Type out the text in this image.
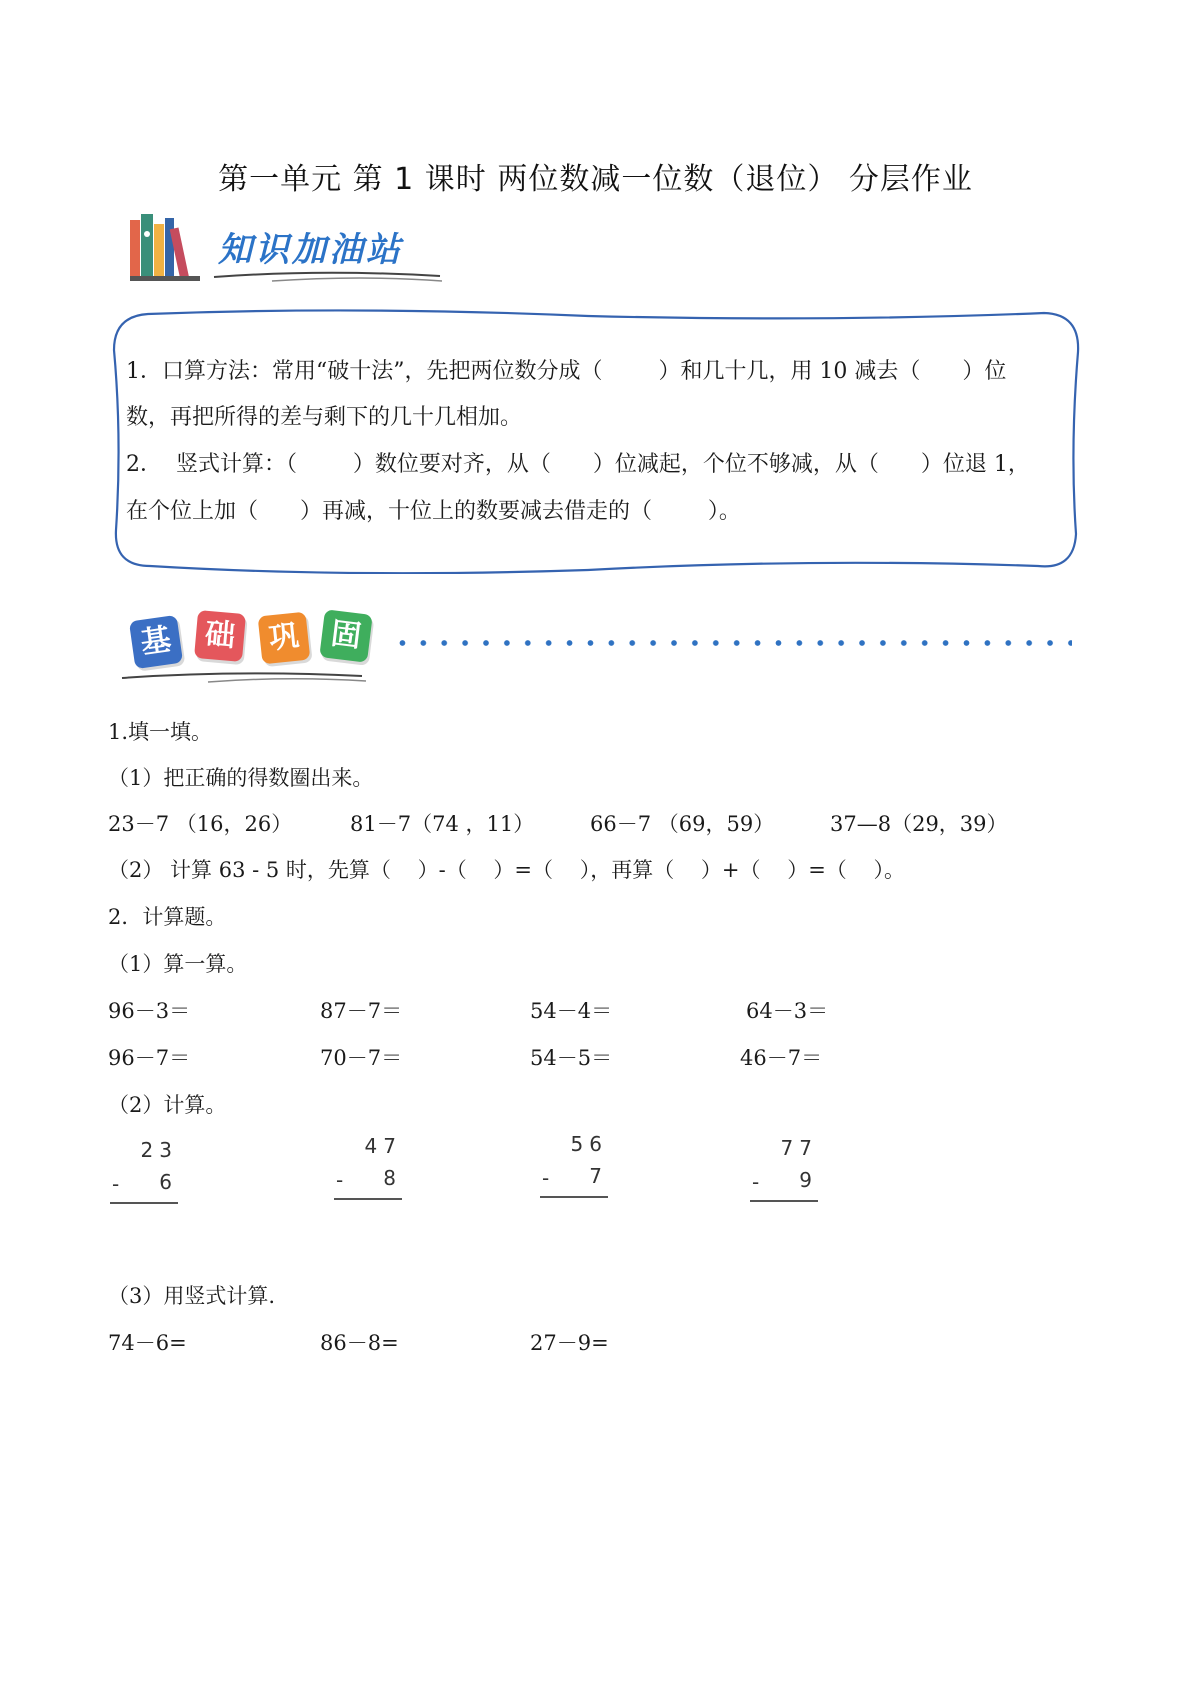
第一单元 第 1 课时 两位数减一位数（退位） 分层作业
知识加油站
1．口算方法：常用“破十法”，先把两位数分成（        ）和几十几，用 10 减去（      ）位
数，再把所得的差与剩下的几十几相加。
2．  竖式计算：（        ）数位要对齐，从（      ）位减起，个位不够减，从（      ）位退 1，
在个位上加（      ）再减，十位上的数要减去借走的（        ）。
基	础	巩 固
1.填一填。
（1）把正确的得数圈出来。
23－7 （16，26）	81－7（74 ，11）	66－7 （69，59）	37—8（29，39）
（2） 计算 63 - 5 时，先算（    ）-（    ）=（    ），再算（    ）+（    ）=（    ）。
2．计算题。
（1）算一算。
96－3＝	87－7＝	54－4＝	64－3＝
96－7＝	70－7＝	54－5＝	46－7＝
（2）计算。
23
- 6
47
- 8
56
- 7
77
- 9
（3）用竖式计算.
74－6=	86－8=	27－9=
